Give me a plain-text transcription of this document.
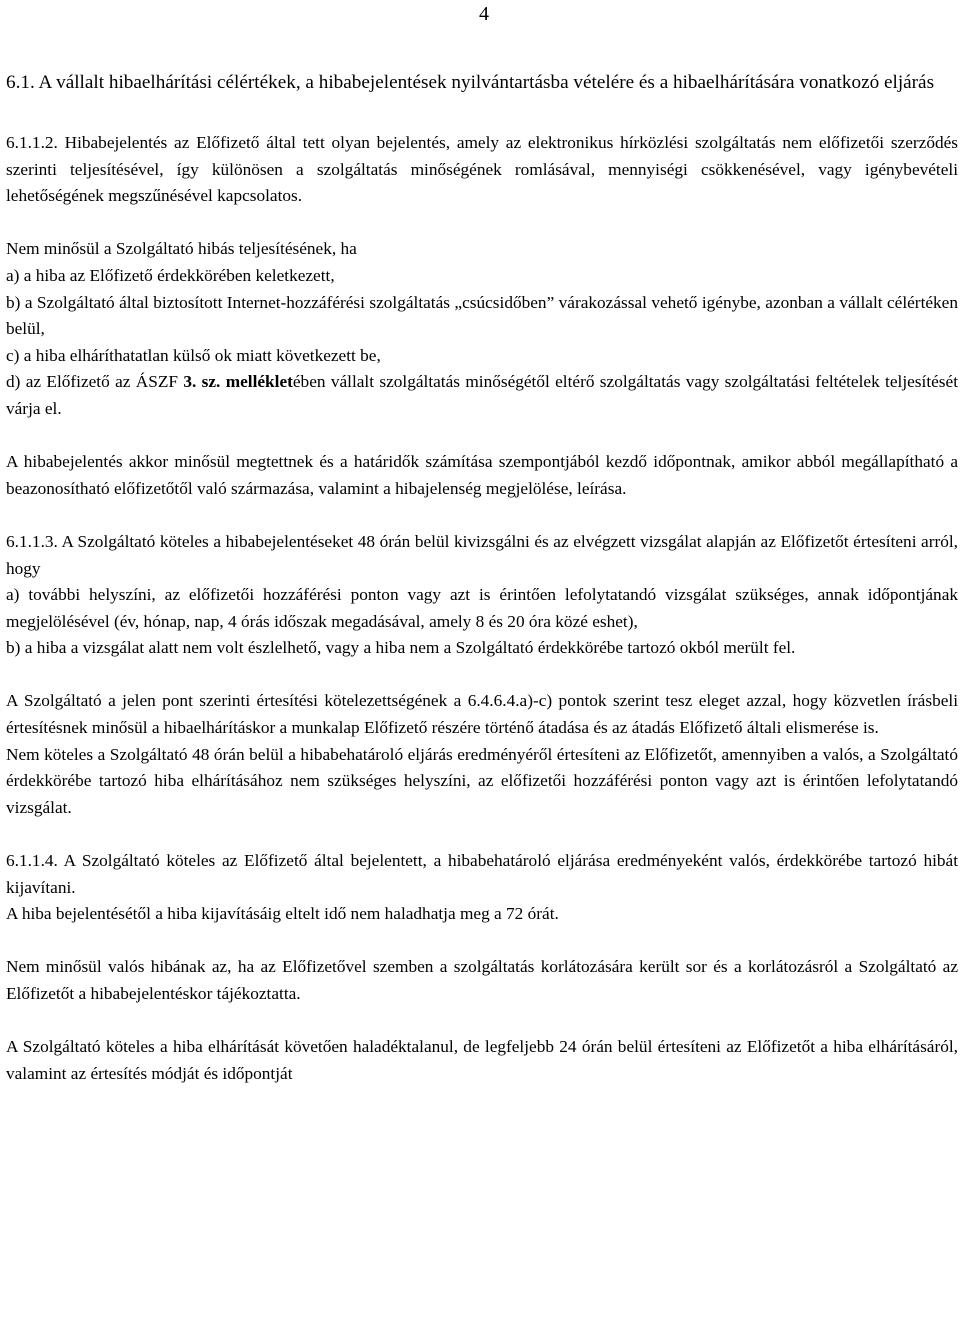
4

6.1. A vállalt hibaelhárítási célértékek, a hibabejelentések nyilvántartásba vételére és a hibaelhárítására vonatkozó eljárás

6.1.1.2. Hibabejelentés az Előfizető által tett olyan bejelentés, amely az elektronikus hírközlési szolgáltatás nem előfizetői szerződés szerinti teljesítésével, így különösen a szolgáltatás minőségének romlásával, mennyiségi csökkenésével, vagy igénybevételi lehetőségének megszűnésével kapcsolatos.

Nem minősül a Szolgáltató hibás teljesítésének, ha

a) a hiba az Előfizető érdekkörében keletkezett,

b) a Szolgáltató által biztosított Internet-hozzáférési szolgáltatás „csúcsidőben” várakozással vehető igénybe, azonban a vállalt célértéken belül,

c) a hiba elháríthatatlan külső ok miatt következett be,

d) az Előfizető az ÁSZF 3. sz. mellékletében vállalt szolgáltatás minőségétől eltérő szolgáltatás vagy szolgáltatási feltételek teljesítését várja el.

A hibabejelentés akkor minősül megtettnek és a határidők számítása szempontjából kezdő időpontnak, amikor abból megállapítható a beazonosítható előfizetőtől való származása, valamint a hibajelenség megjelölése, leírása.

6.1.1.3. A Szolgáltató köteles a hibabejelentéseket 48 órán belül kivizsgálni és az elvégzett vizsgálat alapján az Előfizetőt értesíteni arról, hogy

a) további helyszíni, az előfizetői hozzáférési ponton vagy azt is érintően lefolytatandó vizsgálat szükséges, annak időpontjának megjelölésével (év, hónap, nap, 4 órás időszak megadásával, amely 8 és 20 óra közé eshet),

b) a hiba a vizsgálat alatt nem volt észlelhető, vagy a hiba nem a Szolgáltató érdekkörébe tartozó okból merült fel.

A Szolgáltató a jelen pont szerinti értesítési kötelezettségének a 6.4.6.4.a)-c) pontok szerint tesz eleget azzal, hogy közvetlen írásbeli értesítésnek minősül a hibaelhárításkor a munkalap Előfizető részére történő átadása és az átadás Előfizető általi elismerése is.

Nem köteles a Szolgáltató 48 órán belül a hibabehatároló eljárás eredményéről értesíteni az Előfizetőt, amennyiben a valós, a Szolgáltató érdekkörébe tartozó hiba elhárításához nem szükséges helyszíni, az előfizetői hozzáférési ponton vagy azt is érintően lefolytatandó vizsgálat.

6.1.1.4. A Szolgáltató köteles az Előfizető által bejelentett, a hibabehatároló eljárása eredményeként valós, érdekkörébe tartozó hibát kijavítani.

A hiba bejelentésétől a hiba kijavításáig eltelt idő nem haladhatja meg a 72 órát.

Nem minősül valós hibának az, ha az Előfizetővel szemben a szolgáltatás korlátozására került sor és a korlátozásról a Szolgáltató az Előfizetőt a hibabejelentéskor tájékoztatta.

A Szolgáltató köteles a hiba elhárítását követően haladéktalanul, de legfeljebb 24 órán belül értesíteni az Előfizetőt a hiba elhárításáról, valamint az értesítés módját és időpontját
